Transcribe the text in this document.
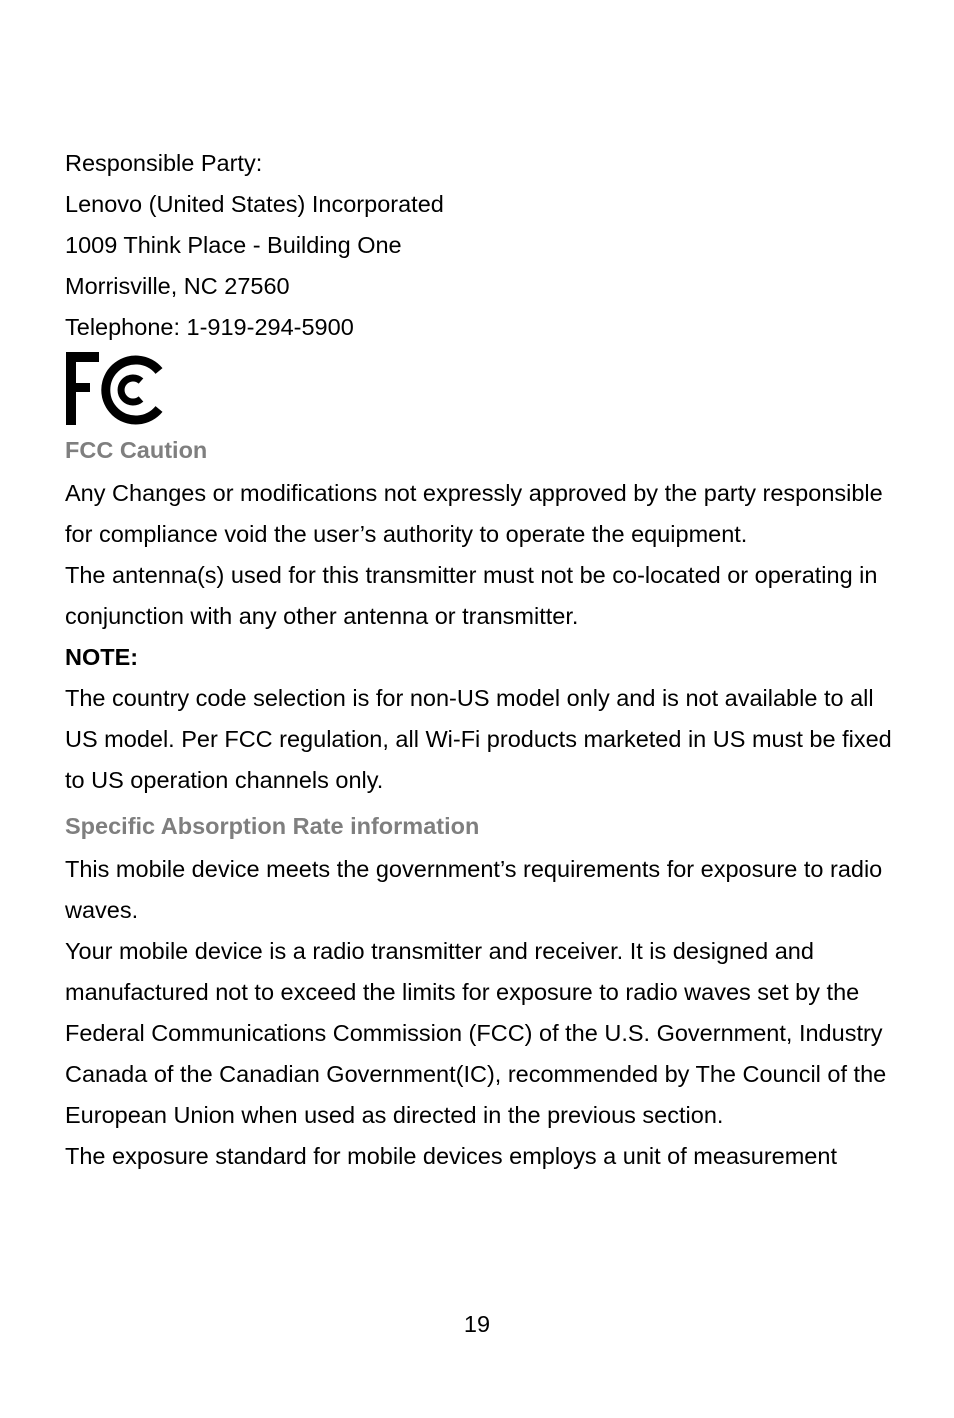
Responsible Party:
Lenovo (United States) Incorporated
1009 Think Place - Building One
Morrisville, NC 27560
Telephone: 1-919-294-5900
FCC Caution
Any Changes or modifications not expressly approved by the party responsible for compliance void the user’s authority to operate the equipment.
The antenna(s) used for this transmitter must not be co-located or operating in conjunction with any other antenna or transmitter.
NOTE:
The country code selection is for non-US model only and is not available to all US model. Per FCC regulation, all Wi-Fi products marketed in US must be fixed to US operation channels only.
Specific Absorption Rate information
This mobile device meets the government’s requirements for exposure to radio waves.
Your mobile device is a radio transmitter and receiver. It is designed and manufactured not to exceed the limits for exposure to radio waves set by the Federal Communications Commission (FCC) of the U.S. Government, Industry Canada of the Canadian Government(IC), recommended by The Council of the European Union when used as directed in the previous section.
The exposure standard for mobile devices employs a unit of measurement
19
